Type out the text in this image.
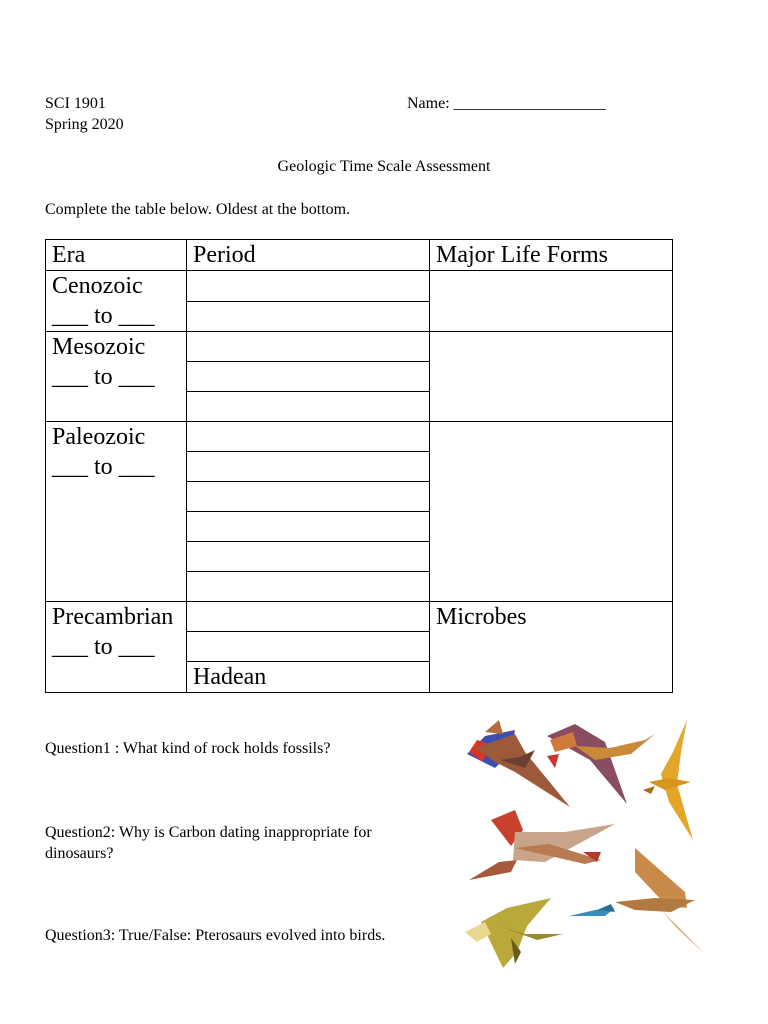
SCI 1901
Spring 2020
Name: ___________________
Geologic Time Scale Assessment
Complete the table below. Oldest at the bottom.
Era	Period	Major Life Forms

Cenozoic
___ to ___		

Mesozoic
___ to ___		

Paleozoic
___ to ___		

Precambrian
___ to ___		Microbes

	Hadean	
Question1 : What kind of rock holds fossils?
Question2: Why is Carbon dating inappropriate for dinosaurs?
Question3: True/False: Pterosaurs evolved into birds.
